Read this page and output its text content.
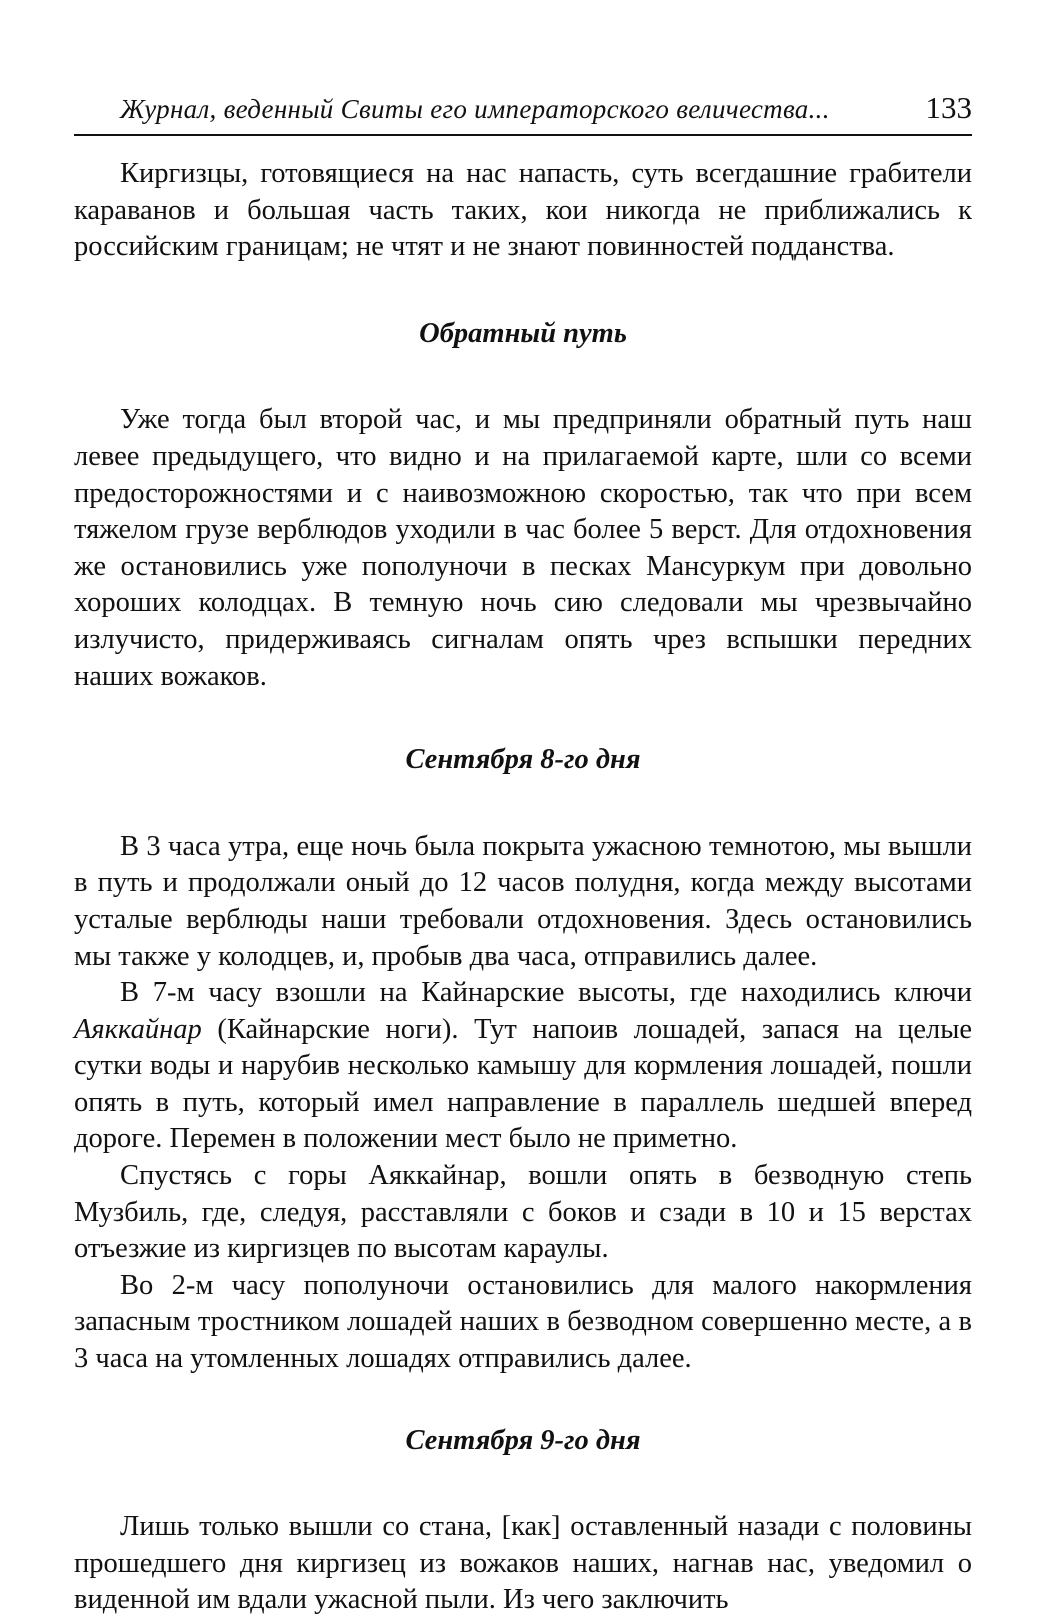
Журнал, веденный Свиты его императорского величества...	133

Киргизцы, готовящиеся на нас напасть, суть всегдашние грабители караванов и большая часть таких, кои никогда не приближались к российским границам; не чтят и не знают повинностей подданства.

Обратный путь

Уже тогда был второй час, и мы предприняли обратный путь наш левее предыдущего, что видно и на прилагаемой карте, шли со всеми предосторожностями и с наивозможною скоростью, так что при всем тяжелом грузе верблюдов уходили в час более 5 верст. Для отдохновения же остановились уже пополуночи в песках Мансуркум при довольно хороших колодцах. В темную ночь сию следовали мы чрезвычайно излучисто, придерживаясь сигналам опять чрез вспышки передних наших вожаков.

Сентября 8-го дня

В 3 часа утра, еще ночь была покрыта ужасною темнотою, мы вышли в путь и продолжали оный до 12 часов полудня, когда между высотами усталые верблюды наши требовали отдохновения. Здесь остановились мы также у колодцев, и, пробыв два часа, отправились далее.

В 7-м часу взошли на Кайнарские высоты, где находились ключи Аяккайнар (Кайнарские ноги). Тут напоив лошадей, запася на целые сутки воды и нарубив несколько камышу для кормления лошадей, пошли опять в путь, который имел направление в параллель шедшей вперед дороге. Перемен в положении мест было не приметно.

Спустясь с горы Аяккайнар, вошли опять в безводную степь Музбиль, где, следуя, расставляли с боков и сзади в 10 и 15 верстах отъезжие из киргизцев по высотам караулы.

Во 2-м часу пополуночи остановились для малого накормления запасным тростником лошадей наших в безводном совершенно месте, а в 3 часа на утомленных лошадях отправились далее.

Сентября 9-го дня

Лишь только вышли со стана, [как] оставленный назади с половины прошедшего дня киргизец из вожаков наших, нагнав нас, уведомил о виденной им вдали ужасной пыли. Из чего заключить
